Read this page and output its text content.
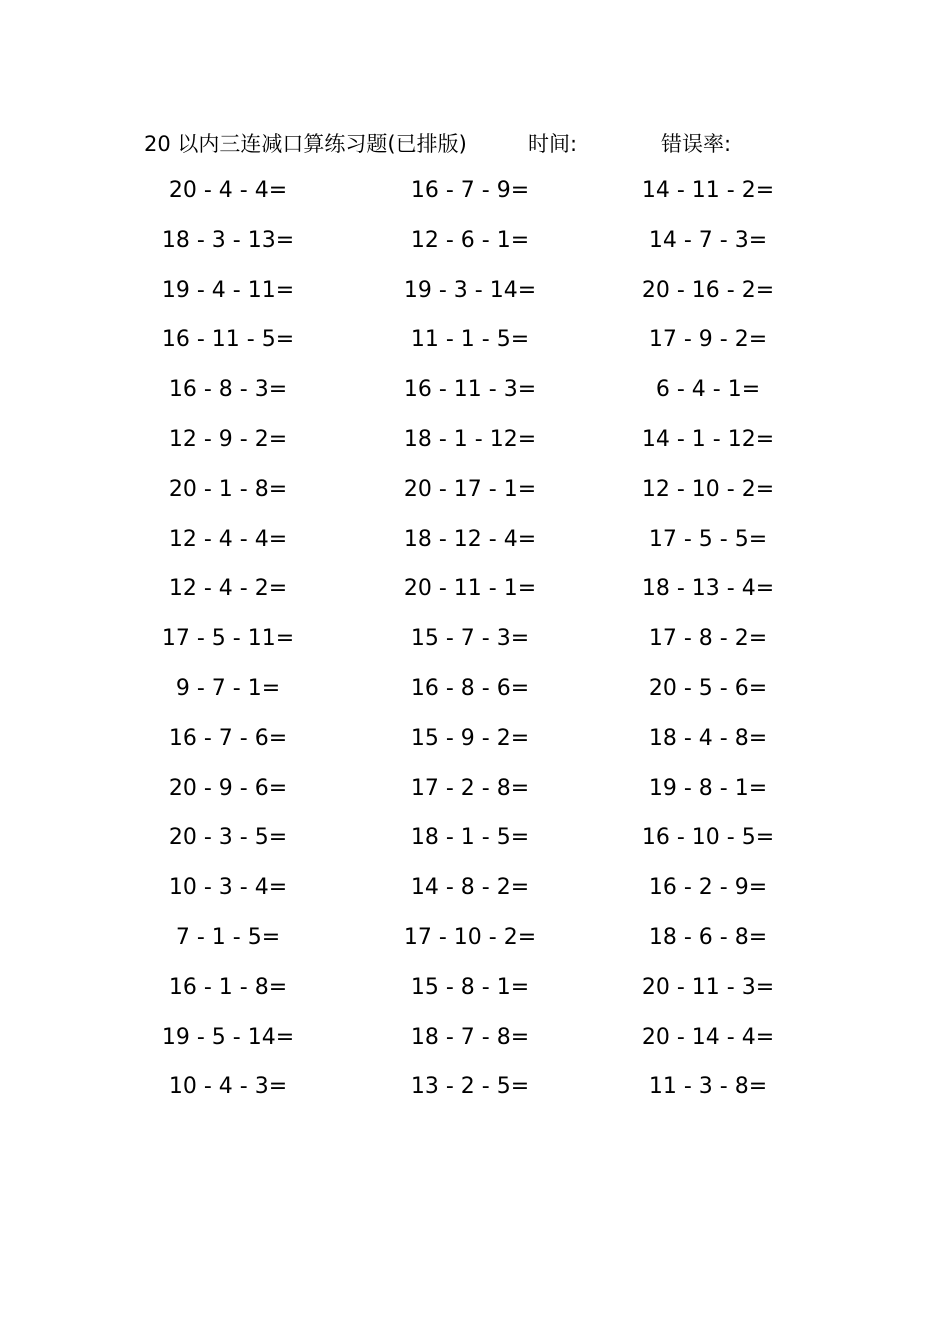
20 以内三连减口算练习题(已排版)	时间:	错误率:
20 - 4 - 4=	16 - 7 - 9=	14 - 11 - 2=
18 - 3 - 13=	12 - 6 - 1=	14 - 7 - 3=
19 - 4 - 11=	19 - 3 - 14=	20 - 16 - 2=
16 - 11 - 5=	11 - 1 - 5=	17 - 9 - 2=
16 - 8 - 3=	16 - 11 - 3=	6 - 4 - 1=
12 - 9 - 2=	18 - 1 - 12=	14 - 1 - 12=
20 - 1 - 8=	20 - 17 - 1=	12 - 10 - 2=
12 - 4 - 4=	18 - 12 - 4=	17 - 5 - 5=
12 - 4 - 2=	20 - 11 - 1=	18 - 13 - 4=
17 - 5 - 11=	15 - 7 - 3=	17 - 8 - 2=
9 - 7 - 1=	16 - 8 - 6=	20 - 5 - 6=
16 - 7 - 6=	15 - 9 - 2=	18 - 4 - 8=
20 - 9 - 6=	17 - 2 - 8=	19 - 8 - 1=
20 - 3 - 5=	18 - 1 - 5=	16 - 10 - 5=
10 - 3 - 4=	14 - 8 - 2=	16 - 2 - 9=
7 - 1 - 5=	17 - 10 - 2=	18 - 6 - 8=
16 - 1 - 8=	15 - 8 - 1=	20 - 11 - 3=
19 - 5 - 14=	18 - 7 - 8=	20 - 14 - 4=
10 - 4 - 3=	13 - 2 - 5=	11 - 3 - 8=
